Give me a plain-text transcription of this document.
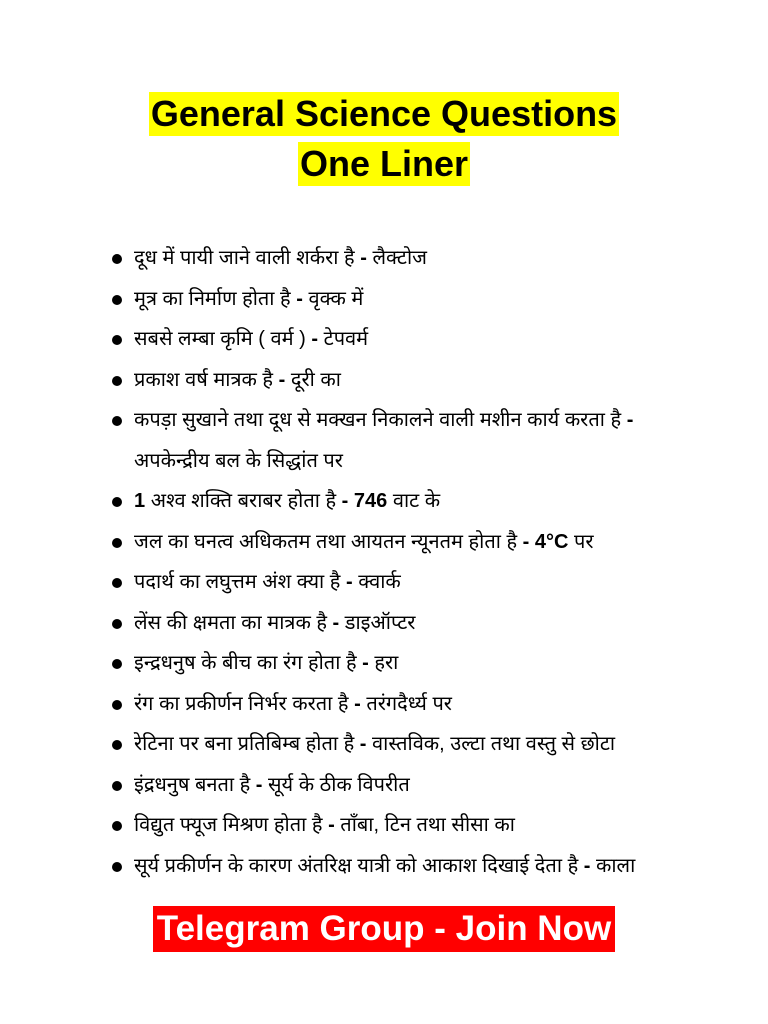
General Science Questions
One Liner
दूध में पायी जाने वाली शर्करा है - लैक्टोज
मूत्र का निर्माण होता है - वृक्क में
सबसे लम्बा कृमि ( वर्म ) - टेपवर्म
प्रकाश वर्ष मात्रक है - दूरी का
कपड़ा सुखाने तथा दूध से मक्खन निकालने वाली मशीन कार्य करता है - अपकेन्द्रीय बल के सिद्धांत पर
1 अश्व शक्ति बराबर होता है - 746 वाट के
जल का घनत्व अधिकतम तथा आयतन न्यूनतम होता है - 4°C पर
पदार्थ का लघुत्तम अंश क्या है - क्वार्क
लेंस की क्षमता का मात्रक है - डाइऑप्टर
इन्द्रधनुष के बीच का रंग होता है - हरा
रंग का प्रकीर्णन निर्भर करता है - तरंगदैर्ध्य पर
रेटिना पर बना प्रतिबिम्ब होता है - वास्तविक, उल्टा तथा वस्तु से छोटा
इंद्रधनुष बनता है - सूर्य के ठीक विपरीत
विद्युत फ्यूज मिश्रण होता है - ताँबा, टिन तथा सीसा का
सूर्य प्रकीर्णन के कारण अंतरिक्ष यात्री को आकाश दिखाई देता है - काला
Telegram Group - Join Now
